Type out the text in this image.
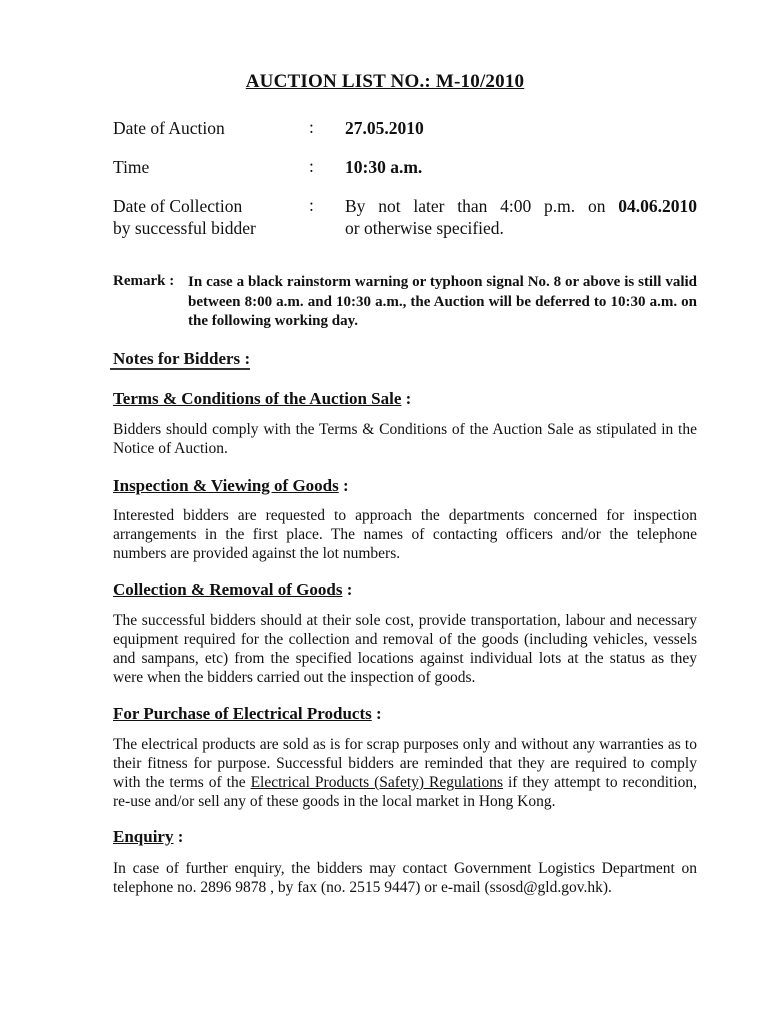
AUCTION LIST NO.: M-10/2010
Date of Auction	: 27.05.2010
Time	: 10:30 a.m.
Date of Collection
by successful bidder
: By not later than 4:00 p.m. on 04.06.2010
or otherwise specified.
Remark : In case a black rainstorm warning or typhoon signal No. 8 or above is still valid between 8:00 a.m. and 10:30 a.m., the Auction will be deferred to 10:30 a.m. on the following working day.
Notes for Bidders :
Terms & Conditions of the Auction Sale :
Bidders should comply with the Terms & Conditions of the Auction Sale as stipulated in the Notice of Auction.
Inspection & Viewing of Goods :
Interested bidders are requested to approach the departments concerned for inspection arrangements in the first place. The names of contacting officers and/or the telephone numbers are provided against the lot numbers.
Collection & Removal of Goods :
The successful bidders should at their sole cost, provide transportation, labour and necessary equipment required for the collection and removal of the goods (including vehicles, vessels and sampans, etc) from the specified locations against individual lots at the status as they were when the bidders carried out the inspection of goods.
For Purchase of Electrical Products :
The electrical products are sold as is for scrap purposes only and without any warranties as to their fitness for purpose. Successful bidders are reminded that they are required to comply with the terms of the Electrical Products (Safety) Regulations if they attempt to recondition, re-use and/or sell any of these goods in the local market in Hong Kong.
Enquiry :
In case of further enquiry, the bidders may contact Government Logistics Department on telephone no. 2896 9878 , by fax (no. 2515 9447) or e-mail (ssosd@gld.gov.hk).
